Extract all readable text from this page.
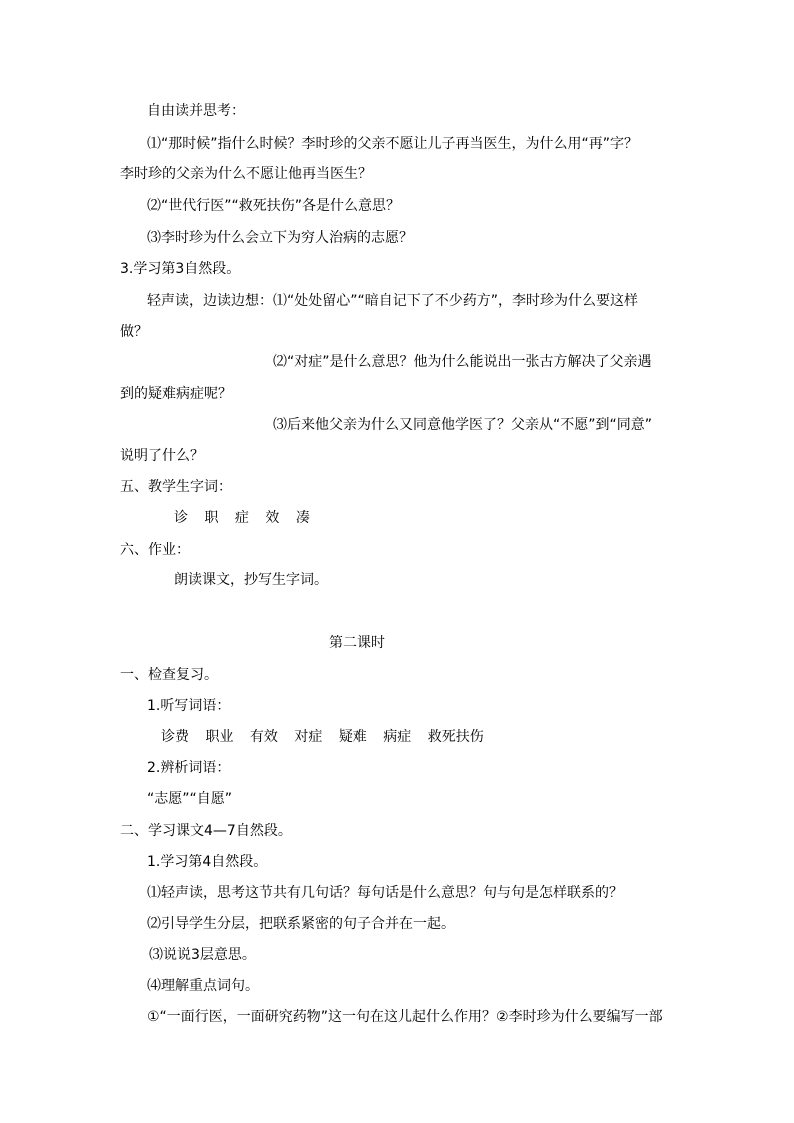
自由读并思考：
⑴“那时候”指什么时候？李时珍的父亲不愿让儿子再当医生，为什么用“再”字？
李时珍的父亲为什么不愿让他再当医生？
⑵“世代行医”“救死扶伤”各是什么意思？
⑶李时珍为什么会立下为穷人治病的志愿？
3.学习第3自然段。
轻声读，边读边想：⑴“处处留心”“暗自记下了不少药方”，李时珍为什么要这样
做？
⑵“对症”是什么意思？他为什么能说出一张古方解决了父亲遇
到的疑难病症呢？
⑶后来他父亲为什么又同意他学医了？父亲从“不愿”到“同意”
说明了什么？
五、教学生字词：
诊 职 症 效 凑
六、作业：
朗读课文，抄写生字词。
第二课时
一、检查复习。
1.听写词语：
诊费 职业 有效 对症 疑难 病症 救死扶伤
2.辨析词语：
“志愿”“自愿”
二、学习课文4—7自然段。
1.学习第4自然段。
⑴轻声读，思考这节共有几句话？每句话是什么意思？句与句是怎样联系的？
⑵引导学生分层，把联系紧密的句子合并在一起。
⑶说说3层意思。
⑷理解重点词句。
①“一面行医，一面研究药物”这一句在这儿起什么作用？②李时珍为什么要编写一部
